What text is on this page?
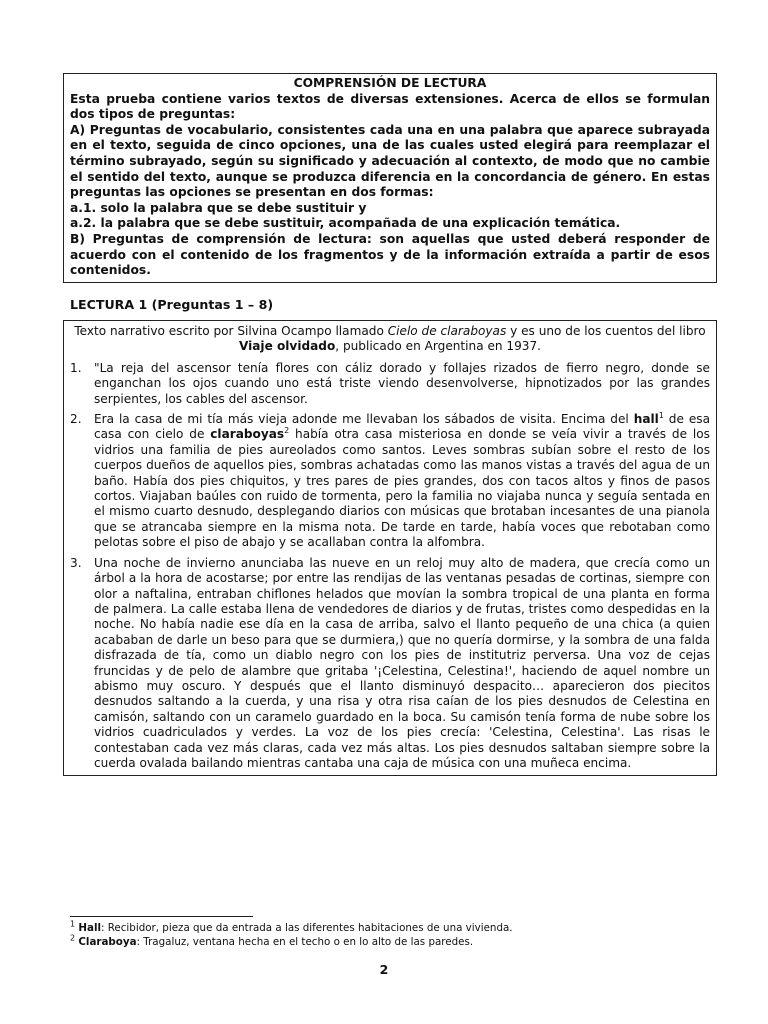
COMPRENSIÓN DE LECTURA

Esta prueba contiene varios textos de diversas extensiones. Acerca de ellos se formulan dos tipos de preguntas:

A) Preguntas de vocabulario, consistentes cada una en una palabra que aparece subrayada en el texto, seguida de cinco opciones, una de las cuales usted elegirá para reemplazar el término subrayado, según su significado y adecuación al contexto, de modo que no cambie el sentido del texto, aunque se produzca diferencia en la concordancia de género. En estas preguntas las opciones se presentan en dos formas:

a.1. solo la palabra que se debe sustituir y

a.2. la palabra que se debe sustituir, acompañada de una explicación temática.

B) Preguntas de comprensión de lectura: son aquellas que usted deberá responder de acuerdo con el contenido de los fragmentos y de la información extraída a partir de esos contenidos.

LECTURA 1 (Preguntas 1 – 8)

Texto narrativo escrito por Silvina Ocampo llamado Cielo de claraboyas y es uno de los cuentos del libro Viaje olvidado, publicado en Argentina en 1937.

1.	"La reja del ascensor tenía flores con cáliz dorado y follajes rizados de fierro negro, donde se enganchan los ojos cuando uno está triste viendo desenvolverse, hipnotizados por las grandes serpientes, los cables del ascensor.
2.	Era la casa de mi tía más vieja adonde me llevaban los sábados de visita. Encima del hall$^1$ de esa casa con cielo de claraboyas$^2$ había otra casa misteriosa en donde se veía vivir a través de los vidrios una familia de pies aureolados como santos. Leves sombras subían sobre el resto de los cuerpos dueños de aquellos pies, sombras achatadas como las manos vistas a través del agua de un baño. Había dos pies chiquitos, y tres pares de pies grandes, dos con tacos altos y finos de pasos cortos. Viajaban baúles con ruido de tormenta, pero la familia no viajaba nunca y seguía sentada en el mismo cuarto desnudo, desplegando diarios con músicas que brotaban incesantes de una pianola que se atrancaba siempre en la misma nota. De tarde en tarde, había voces que rebotaban como pelotas sobre el piso de abajo y se acallaban contra la alfombra.
3.	Una noche de invierno anunciaba las nueve en un reloj muy alto de madera, que crecía como un árbol a la hora de acostarse; por entre las rendijas de las ventanas pesadas de cortinas, siempre con olor a naftalina, entraban chiflones helados que movían la sombra tropical de una planta en forma de palmera. La calle estaba llena de vendedores de diarios y de frutas, tristes como despedidas en la noche. No había nadie ese día en la casa de arriba, salvo el llanto pequeño de una chica (a quien acababan de darle un beso para que se durmiera,) que no quería dormirse, y la sombra de una falda disfrazada de tía, como un diablo negro con los pies de institutriz perversa. Una voz de cejas fruncidas y de pelo de alambre que gritaba '¡Celestina, Celestina!', haciendo de aquel nombre un abismo muy oscuro. Y después que el llanto disminuyó despacito… aparecieron dos piecitos desnudos saltando a la cuerda, y una risa y otra risa caían de los pies desnudos de Celestina en camisón, saltando con un caramelo guardado en la boca. Su camisón tenía forma de nube sobre los vidrios cuadriculados y verdes. La voz de los pies crecía: 'Celestina, Celestina'. Las risas le contestaban cada vez más claras, cada vez más altas. Los pies desnudos saltaban siempre sobre la cuerda ovalada bailando mientras cantaba una caja de música con una muñeca encima.

$^1$ Hall: Recibidor, pieza que da entrada a las diferentes habitaciones de una vivienda.

$^2$ Claraboya: Tragaluz, ventana hecha en el techo o en lo alto de las paredes.

2
